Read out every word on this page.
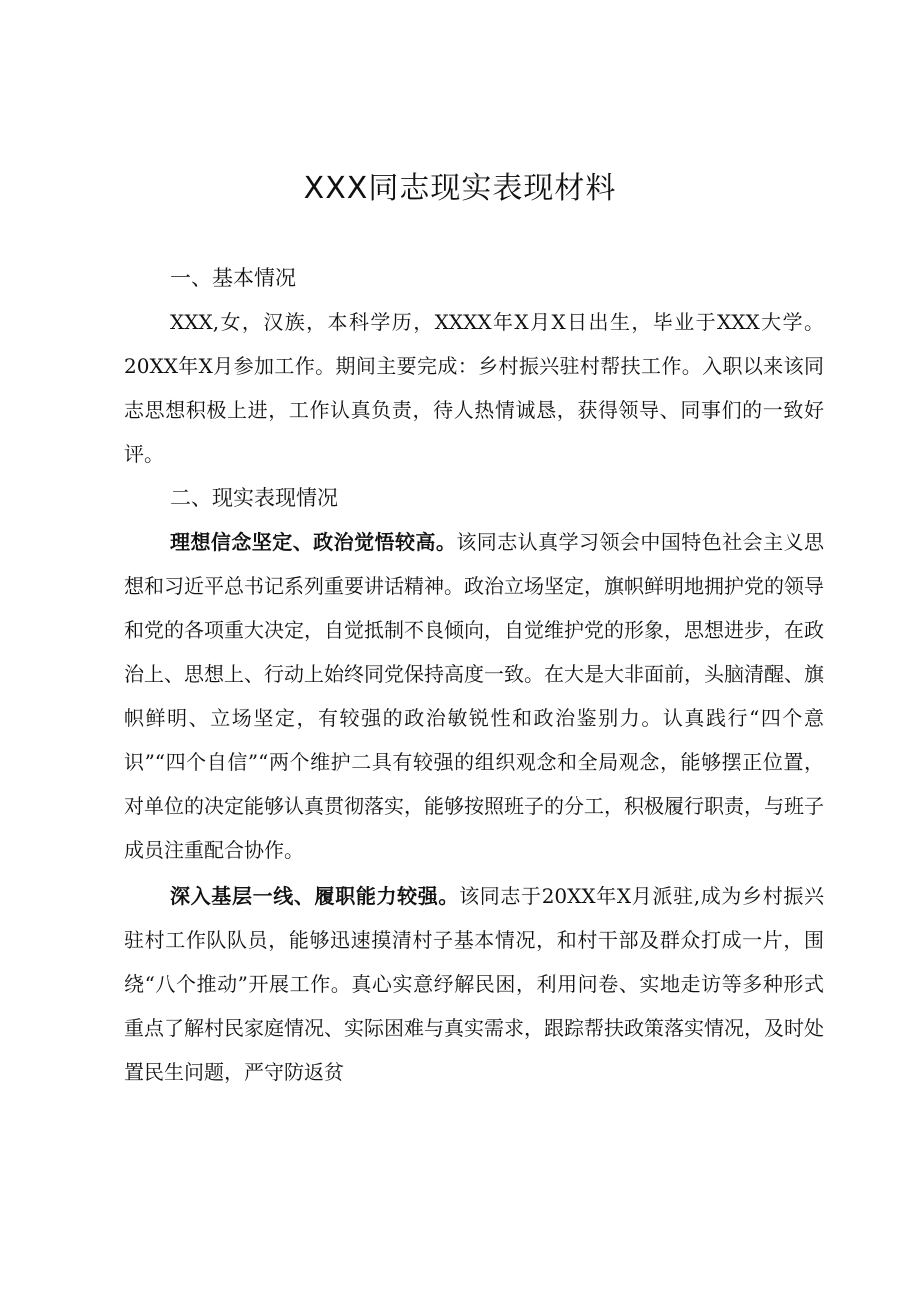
XXX同志现实表现材料
一、基本情况

XXX,女，汉族，本科学历，XXXX年X月X日出生，毕业于XXX大学。20XX年X月参加工作。期间主要完成：乡村振兴驻村帮扶工作。入职以来该同志思想积极上进，工作认真负责，待人热情诚恳，获得领导、同事们的一致好评。

二、现实表现情况

理想信念坚定、政治觉悟较高。该同志认真学习领会中国特色社会主义思想和习近平总书记系列重要讲话精神。政治立场坚定，旗帜鲜明地拥护党的领导和党的各项重大决定，自觉抵制不良倾向，自觉维护党的形象，思想进步，在政治上、思想上、行动上始终同党保持高度一致。在大是大非面前，头脑清醒、旗帜鲜明、立场坚定，有较强的政治敏锐性和政治鉴别力。认真践行“四个意识”“四个自信”“两个维护二具有较强的组织观念和全局观念，能够摆正位置，对单位的决定能够认真贯彻落实，能够按照班子的分工，积极履行职责，与班子成员注重配合协作。

深入基层一线、履职能力较强。该同志于20XX年X月派驻,成为乡村振兴驻村工作队队员，能够迅速摸清村子基本情况，和村干部及群众打成一片，围绕“八个推动”开展工作。真心实意纾解民困，利用问卷、实地走访等多种形式重点了解村民家庭情况、实际困难与真实需求，跟踪帮扶政策落实情况，及时处置民生问题，严守防返贫
